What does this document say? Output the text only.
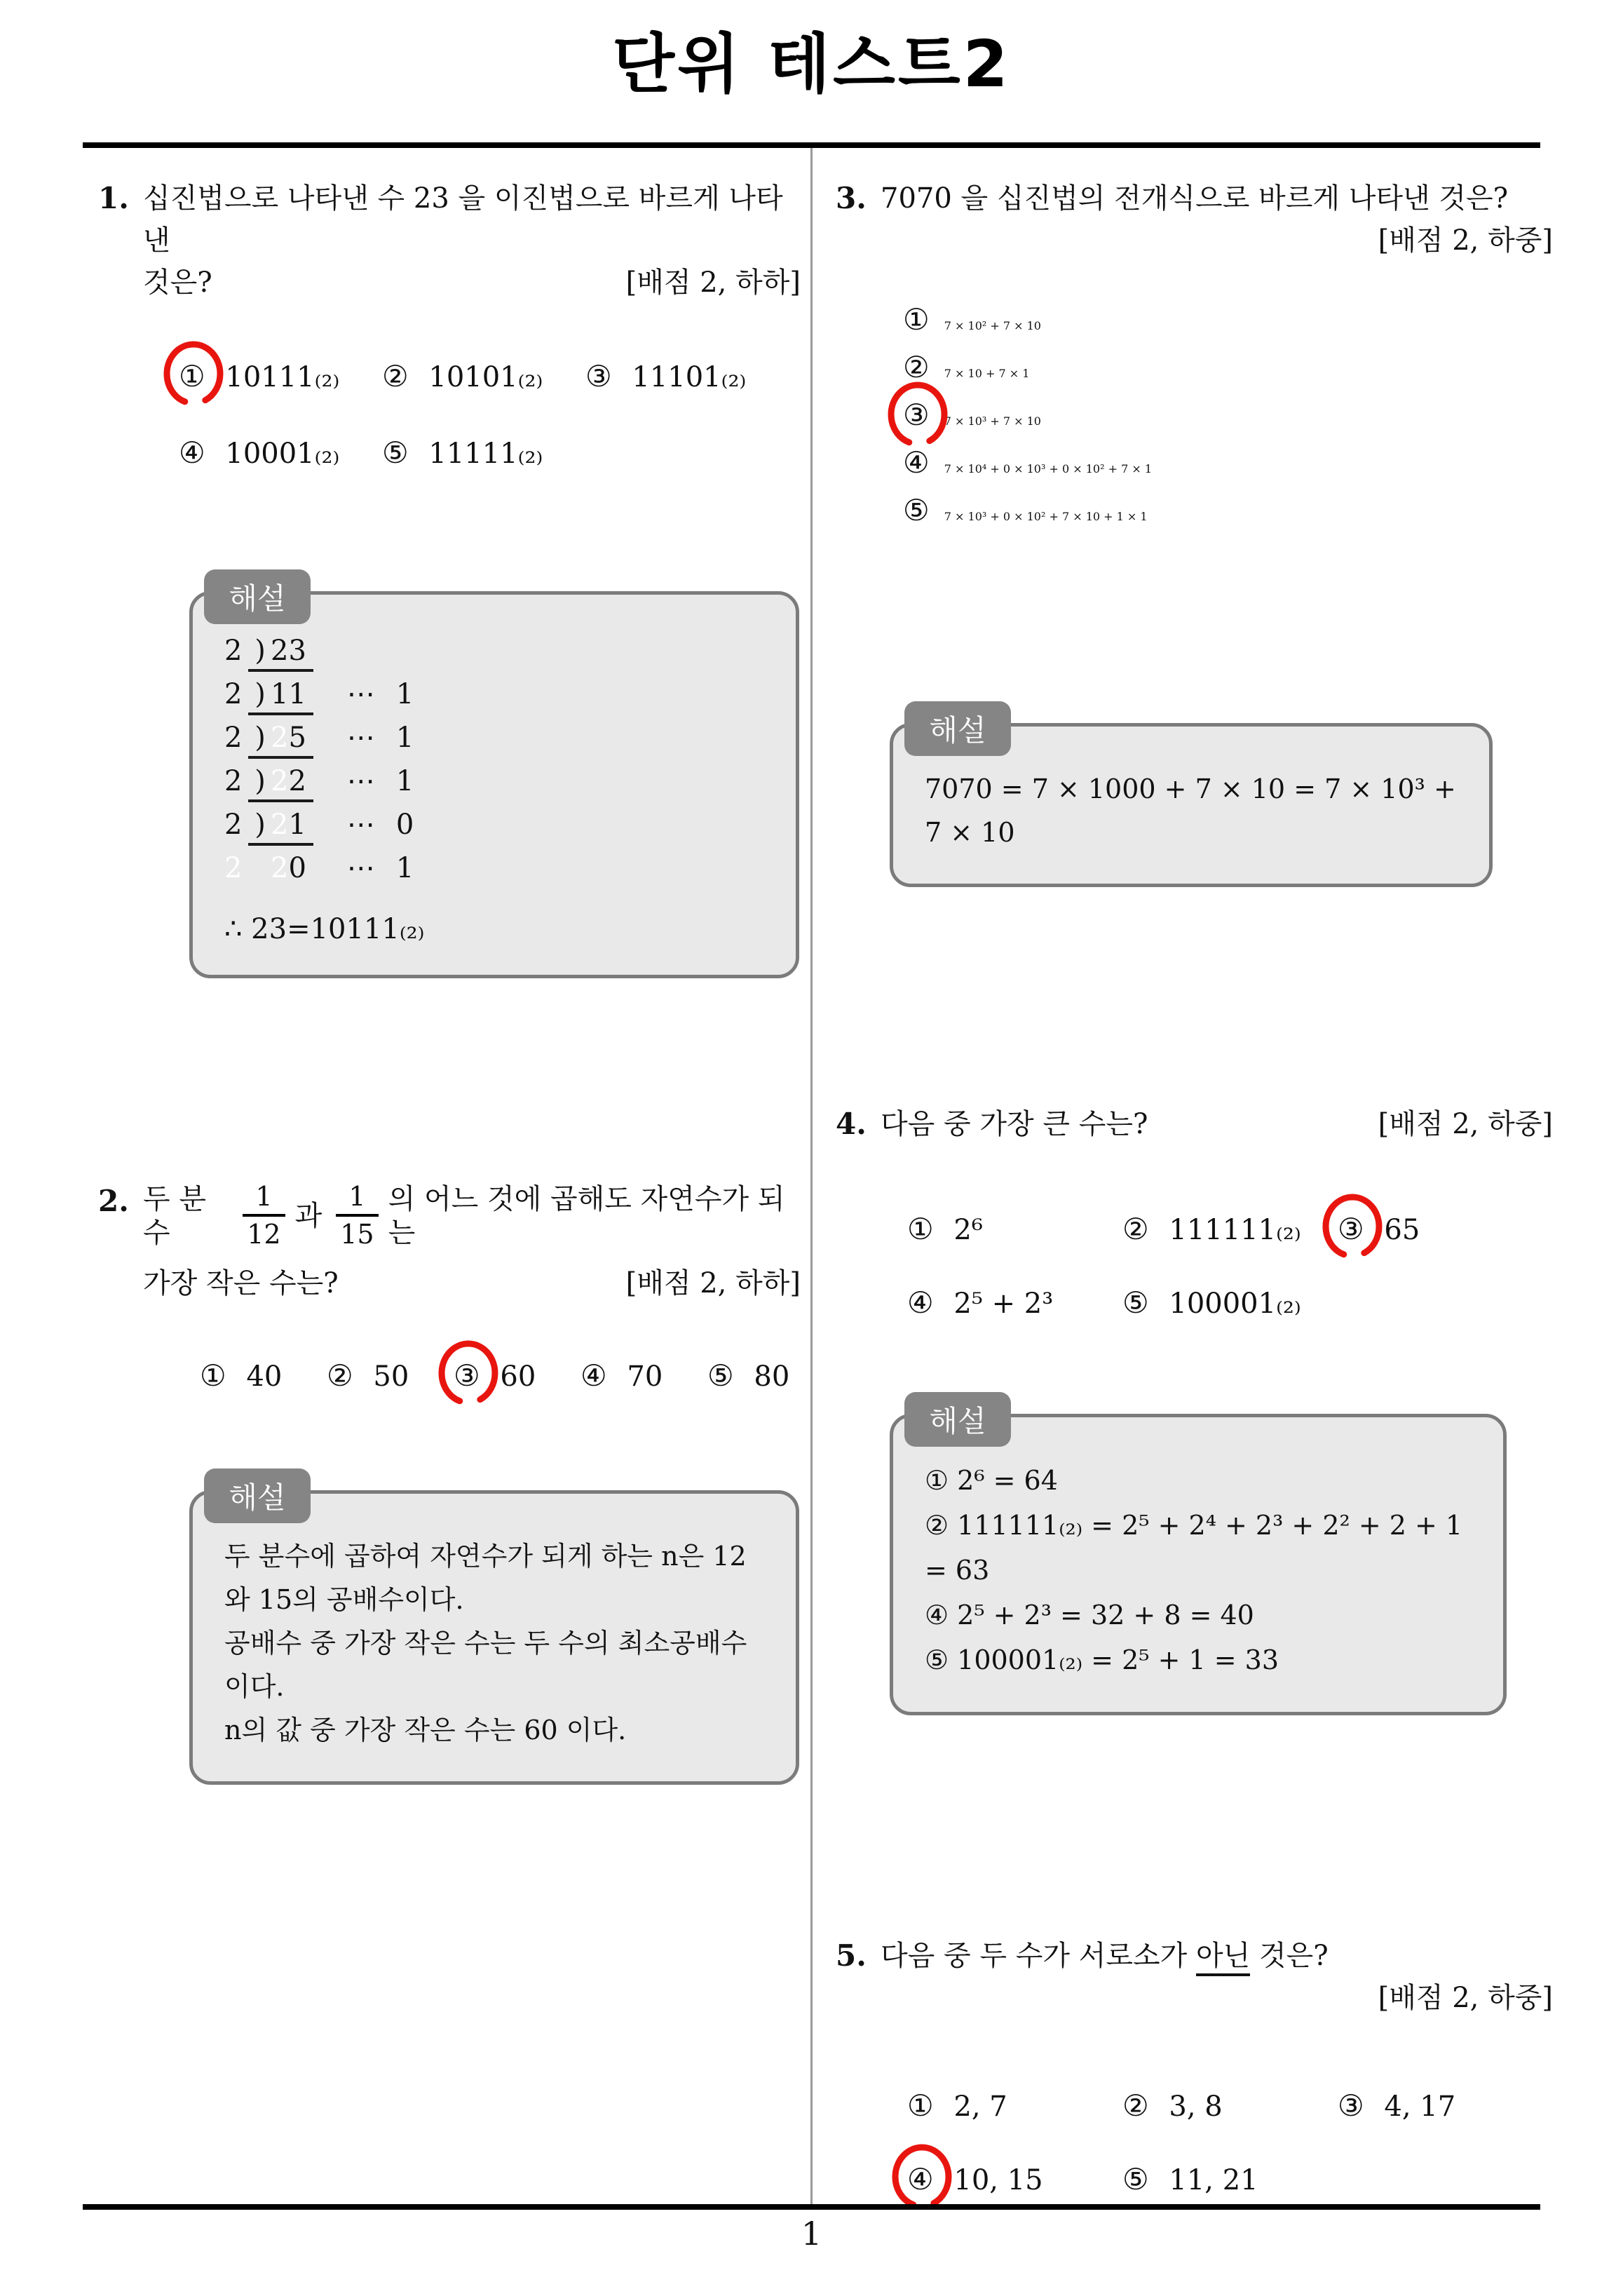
단위 테스트2
1. 십진법으로 나타낸 수 23 을 이진법으로 바르게 나타낸
것은?	[배점 2, 하하]
① 10111₍₂₎	② 10101₍₂₎	③ 11101₍₂₎
④ 10001₍₂₎	⑤ 11111₍₂₎
해설
2 ) 23
2 ) 11 ⋯ 1
2 ) 25 ⋯ 1
2 ) 22 ⋯ 1
2 ) 21 ⋯ 0
2 20 ⋯ 1
∴ 23=10111₍₂₎
2. 두 분수	$\frac{1}{12}$ 과 $\frac{1}{15}$ 의 어느 것에 곱해도 자연수가 되는
가장 작은 수는?	[배점 2, 하하]
① 40	② 50	③ 60	④ 70	⑤ 80
해설
두 분수에 곱하여 자연수가 되게 하는 n은 12와 15의 공배수이다.
공배수 중 가장 작은 수는 두 수의 최소공배수이다.
n의 값 중 가장 작은 수는 60 이다.
3. 7070 을 십진법의 전개식으로 바르게 나타낸 것은?
[배점 2, 하중]
① 7 × 10² + 7 × 10
② 7 × 10 + 7 × 1
③ 7 × 10³ + 7 × 10
④ 7 × 10⁴ + 0 × 10³ + 0 × 10² + 7 × 1
⑤ 7 × 10³ + 0 × 10² + 7 × 10 + 1 × 1
해설
7070 = 7 × 1000 + 7 × 10 = 7 × 10³ + 7 × 10
4. 다음 중 가장 큰 수는?	[배점 2, 하중]
① 2⁶	② 111111₍₂₎	③ 65
④ 2⁵ + 2³	⑤ 100001₍₂₎
해설
① 2⁶ = 64
② 111111₍₂₎ = 2⁵ + 2⁴ + 2³ + 2² + 2 + 1 = 63
④ 2⁵ + 2³ = 32 + 8 = 40
⑤ 100001₍₂₎ = 2⁵ + 1 = 33
5. 다음 중 두 수가 서로소가 아닌 것은?
[배점 2, 하중]
① 2, 7	② 3, 8	③ 4, 17
④ 10, 15	⑤ 11, 21
1
